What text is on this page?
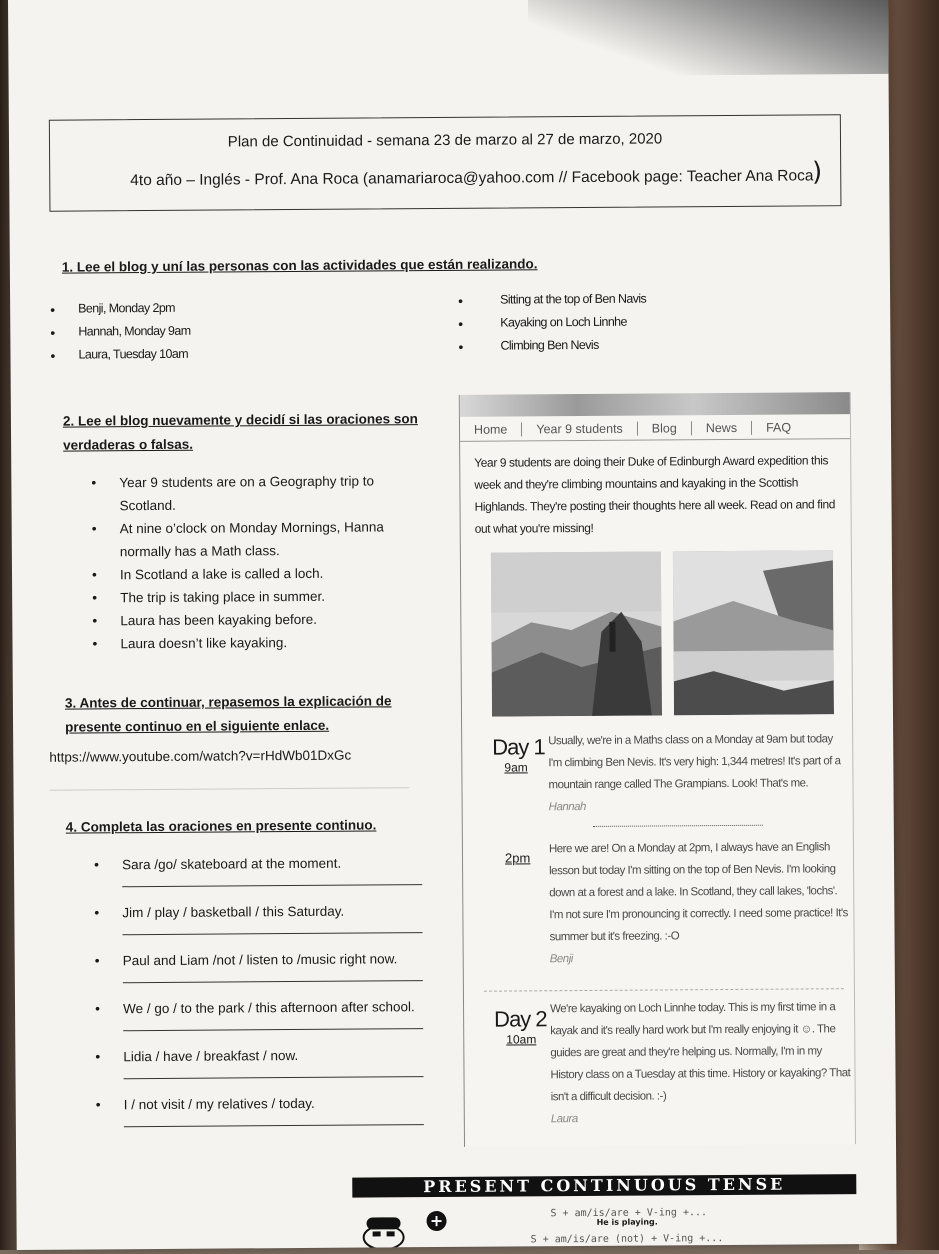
Plan de Continuidad - semana 23 de marzo al 27 de marzo, 2020
4to año – Inglés - Prof. Ana Roca (anamariaroca@yahoo.com // Facebook page: Teacher Ana Roca
)
1. Lee el blog y uní las personas con las actividades que están realizando.
• Benji, Monday 2pm
• Hannah, Monday 9am
• Laura, Tuesday 10am
• Sitting at the top of Ben Navis
• Kayaking on Loch Linnhe
• Climbing Ben Nevis
2. Lee el blog nuevamente y decidí si las oraciones son
verdaderas o falsas.
• Year 9 students are on a Geography trip to Scotland.
• At nine o’clock on Monday Mornings, Hanna normally has a Math class.
• In Scotland a lake is called a loch.
• The trip is taking place in summer.
• Laura has been kayaking before.
• Laura doesn’t like kayaking.
3. Antes de continuar, repasemos la explicación de
presente continuo en el siguiente enlace.
https://www.youtube.com/watch?v=rHdWb01DxGc
4. Completa las oraciones en presente continuo.
• Sara /go/ skateboard at the moment.
• Jim / play / basketball / this Saturday.
• Paul and Liam /not / listen to /music right now.
• We / go / to the park / this afternoon after school.
• Lidia / have / breakfast / now.
• I / not visit / my relatives / today.
Home	Year 9 students	Blog	News	FAQ
Year 9 students are doing their Duke of Edinburgh Award expedition this week and they're climbing mountains and kayaking in the Scottish Highlands. They're posting their thoughts here all week. Read on and find out what you're missing!
Day 1
9am
Usually, we're in a Maths class on a Monday at 9am but today I'm climbing Ben Nevis. It's very high: 1,344 metres! It's part of a mountain range called The Grampians. Look! That's me.
Hannah
2pm
Here we are! On a Monday at 2pm, I always have an English lesson but today I'm sitting on the top of Ben Nevis. I'm looking down at a forest and a lake. In Scotland, they call lakes, 'lochs'. I'm not sure I'm pronouncing it correctly. I need some practice! It's summer but it's freezing. :-O
Benji
Day 2
10am
We're kayaking on Loch Linnhe today. This is my first time in a kayak and it's really hard work but I'm really enjoying it ☺. The guides are great and they're helping us. Normally, I'm in my History class on a Tuesday at this time. History or kayaking? That isn't a difficult decision. :-)
Laura
PRESENT CONTINUOUS TENSE
+	S + am/is/are + V-ing +...
He is playing.
S + am/is/are (not) + V-ing +...
